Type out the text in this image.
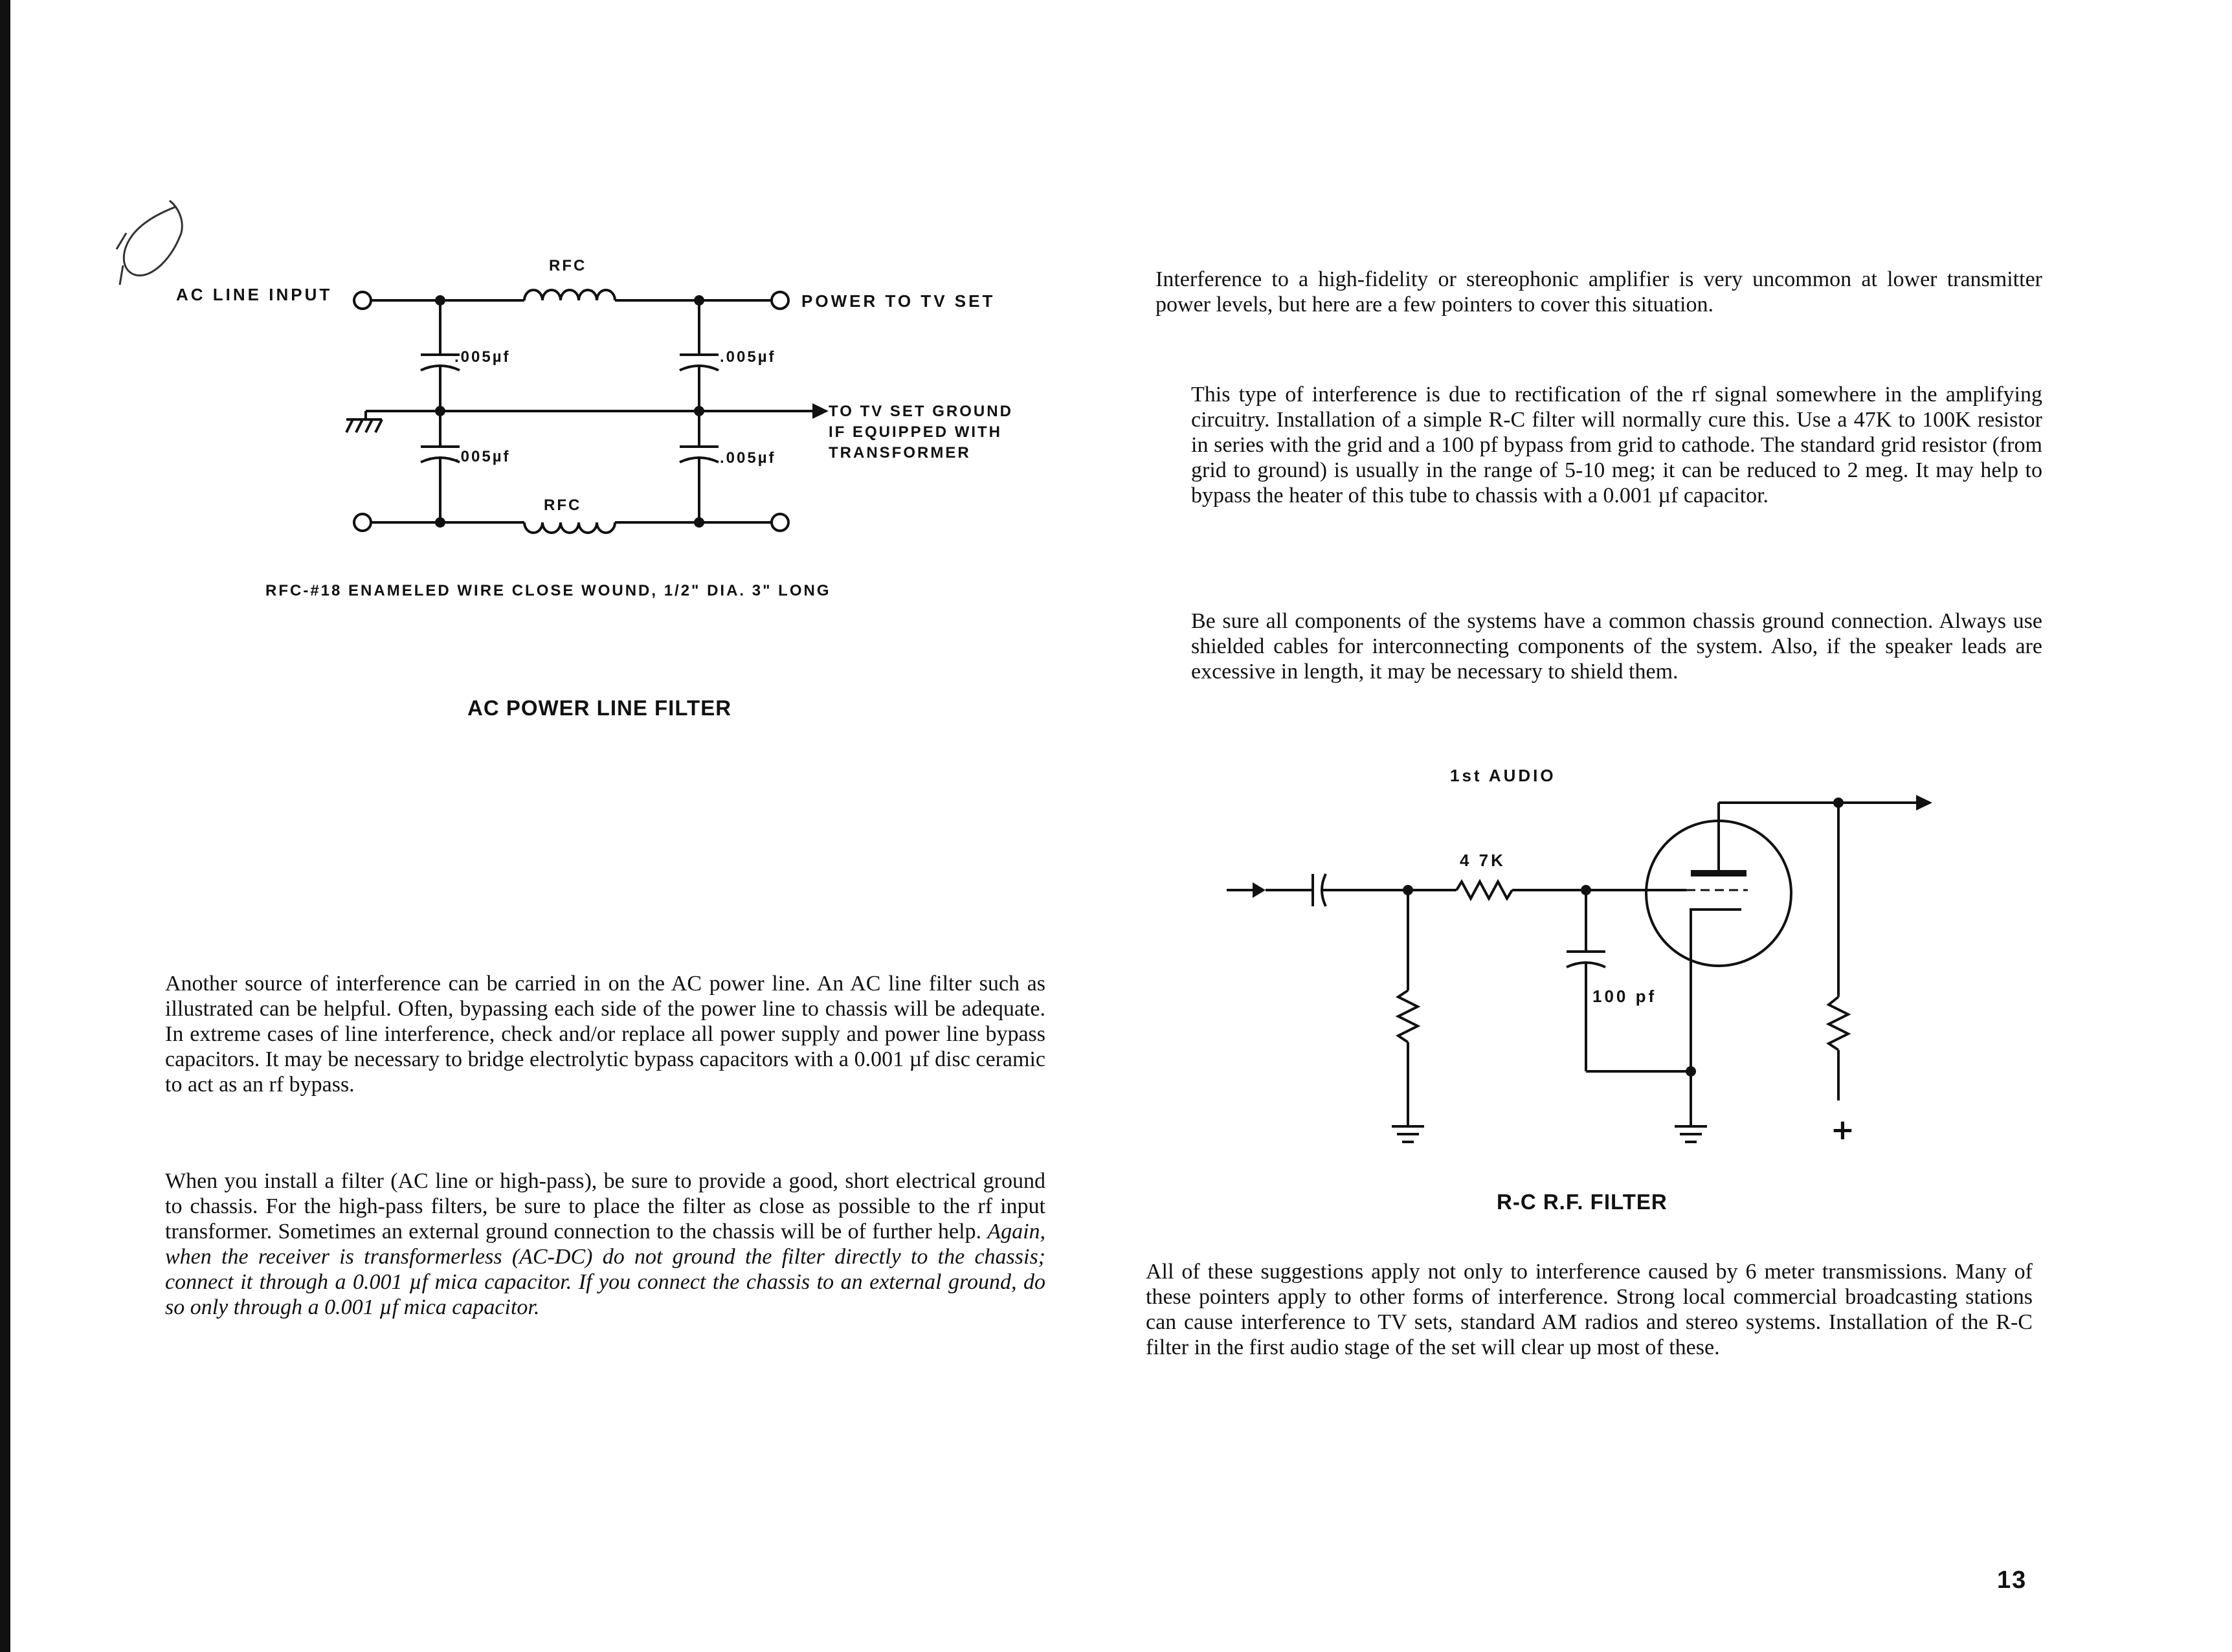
AC LINE INPUT
RFC
POWER TO TV SET
RFC
TO TV SET GROUND
IF EQUIPPED WITH
TRANSFORMER
.005µf
.005µf
.005µf
.005µf
RFC-#18 ENAMELED WIRE CLOSE WOUND, 1/2" DIA. 3" LONG
AC POWER LINE FILTER
1st AUDIO
4 7K
100 pf
+
R-C R.F. FILTER

Another source of interference can be carried in on the AC power line. An AC line filter such as illustrated can be helpful. Often, bypassing each side of the power line to chassis will be adequate. In extreme cases of line interference, check and/or replace all power supply and power line bypass capacitors. It may be necessary to bridge electrolytic bypass capacitors with a 0.001 µf disc ceramic to act as an rf bypass.

When you install a filter (AC line or high-pass), be sure to provide a good, short electrical ground to chassis. For the high-pass filters, be sure to place the filter as close as possible to the rf input transformer. Sometimes an external ground connection to the chassis will be of further help. Again, when the receiver is transformerless (AC-DC) do not ground the filter directly to the chassis; connect it through a 0.001 µf mica capacitor. If you connect the chassis to an external ground, do so only through a 0.001 µf mica capacitor.

Interference to a high-fidelity or stereophonic amplifier is very uncommon at lower transmitter power levels, but here are a few pointers to cover this situation.

This type of interference is due to rectification of the rf signal somewhere in the amplifying circuitry. Installation of a simple R-C filter will normally cure this. Use a 47K to 100K resistor in series with the grid and a 100 pf bypass from grid to cathode. The standard grid resistor (from grid to ground) is usually in the range of 5-10 meg; it can be reduced to 2 meg. It may help to bypass the heater of this tube to chassis with a 0.001 µf capacitor.

Be sure all components of the systems have a common chassis ground connection. Always use shielded cables for interconnecting components of the system. Also, if the speaker leads are excessive in length, it may be necessary to shield them.

All of these suggestions apply not only to interference caused by 6 meter transmissions. Many of these pointers apply to other forms of interference. Strong local commercial broadcasting stations can cause interference to TV sets, standard AM radios and stereo systems. Installation of the R-C filter in the first audio stage of the set will clear up most of these.

13
